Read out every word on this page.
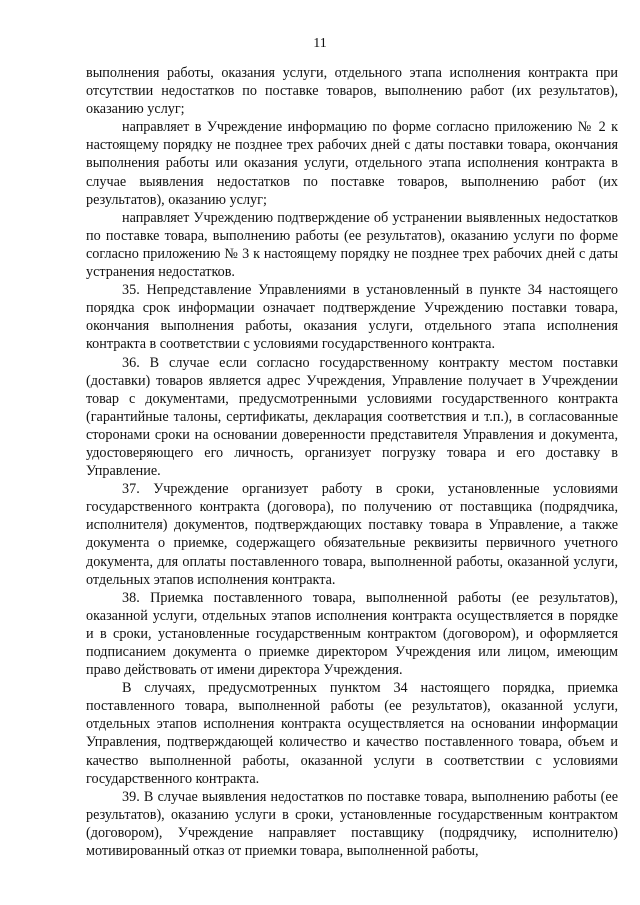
11

выполнения работы, оказания услуги, отдельного этапа исполнения контракта при отсутствии недостатков по поставке товаров, выполнению работ (их результатов), оказанию услуг;

направляет в Учреждение информацию по форме согласно приложению № 2 к настоящему порядку не позднее трех рабочих дней с даты поставки товара, окончания выполнения работы или оказания услуги, отдельного этапа исполнения контракта в случае выявления недостатков по поставке товаров, выполнению работ (их результатов), оказанию услуг;

направляет Учреждению подтверждение об устранении выявленных недостатков по поставке товара, выполнению работы (ее результатов), оказанию услуги по форме согласно приложению № 3 к настоящему порядку не позднее трех рабочих дней с даты устранения недостатков.

35. Непредставление Управлениями в установленный в пункте 34 настоящего порядка срок информации означает подтверждение Учреждению поставки товара, окончания выполнения работы, оказания услуги, отдельного этапа исполнения контракта в соответствии с условиями государственного контракта.

36. В случае если согласно государственному контракту местом поставки (доставки) товаров является адрес Учреждения, Управление получает в Учреждении товар с документами, предусмотренными условиями государственного контракта (гарантийные талоны, сертификаты, декларация соответствия и т.п.), в согласованные сторонами сроки на основании доверенности представителя Управления и документа, удостоверяющего его личность, организует погрузку товара и его доставку в Управление.

37. Учреждение организует работу в сроки, установленные условиями государственного контракта (договора), по получению от поставщика (подрядчика, исполнителя) документов, подтверждающих поставку товара в Управление, а также документа о приемке, содержащего обязательные реквизиты первичного учетного документа, для оплаты поставленного товара, выполненной работы, оказанной услуги, отдельных этапов исполнения контракта.

38. Приемка поставленного товара, выполненной работы (ее результатов), оказанной услуги, отдельных этапов исполнения контракта осуществляется в порядке и в сроки, установленные государственным контрактом (договором), и оформляется подписанием документа о приемке директором Учреждения или лицом, имеющим право действовать от имени директора Учреждения.

В случаях, предусмотренных пунктом 34 настоящего порядка, приемка поставленного товара, выполненной работы (ее результатов), оказанной услуги, отдельных этапов исполнения контракта осуществляется на основании информации Управления, подтверждающей количество и качество поставленного товара, объем и качество выполненной работы, оказанной услуги в соответствии с условиями государственного контракта.

39. В случае выявления недостатков по поставке товара, выполнению работы (ее результатов), оказанию услуги в сроки, установленные государственным контрактом (договором), Учреждение направляет поставщику (подрядчику, исполнителю) мотивированный отказ от приемки товара, выполненной работы,
